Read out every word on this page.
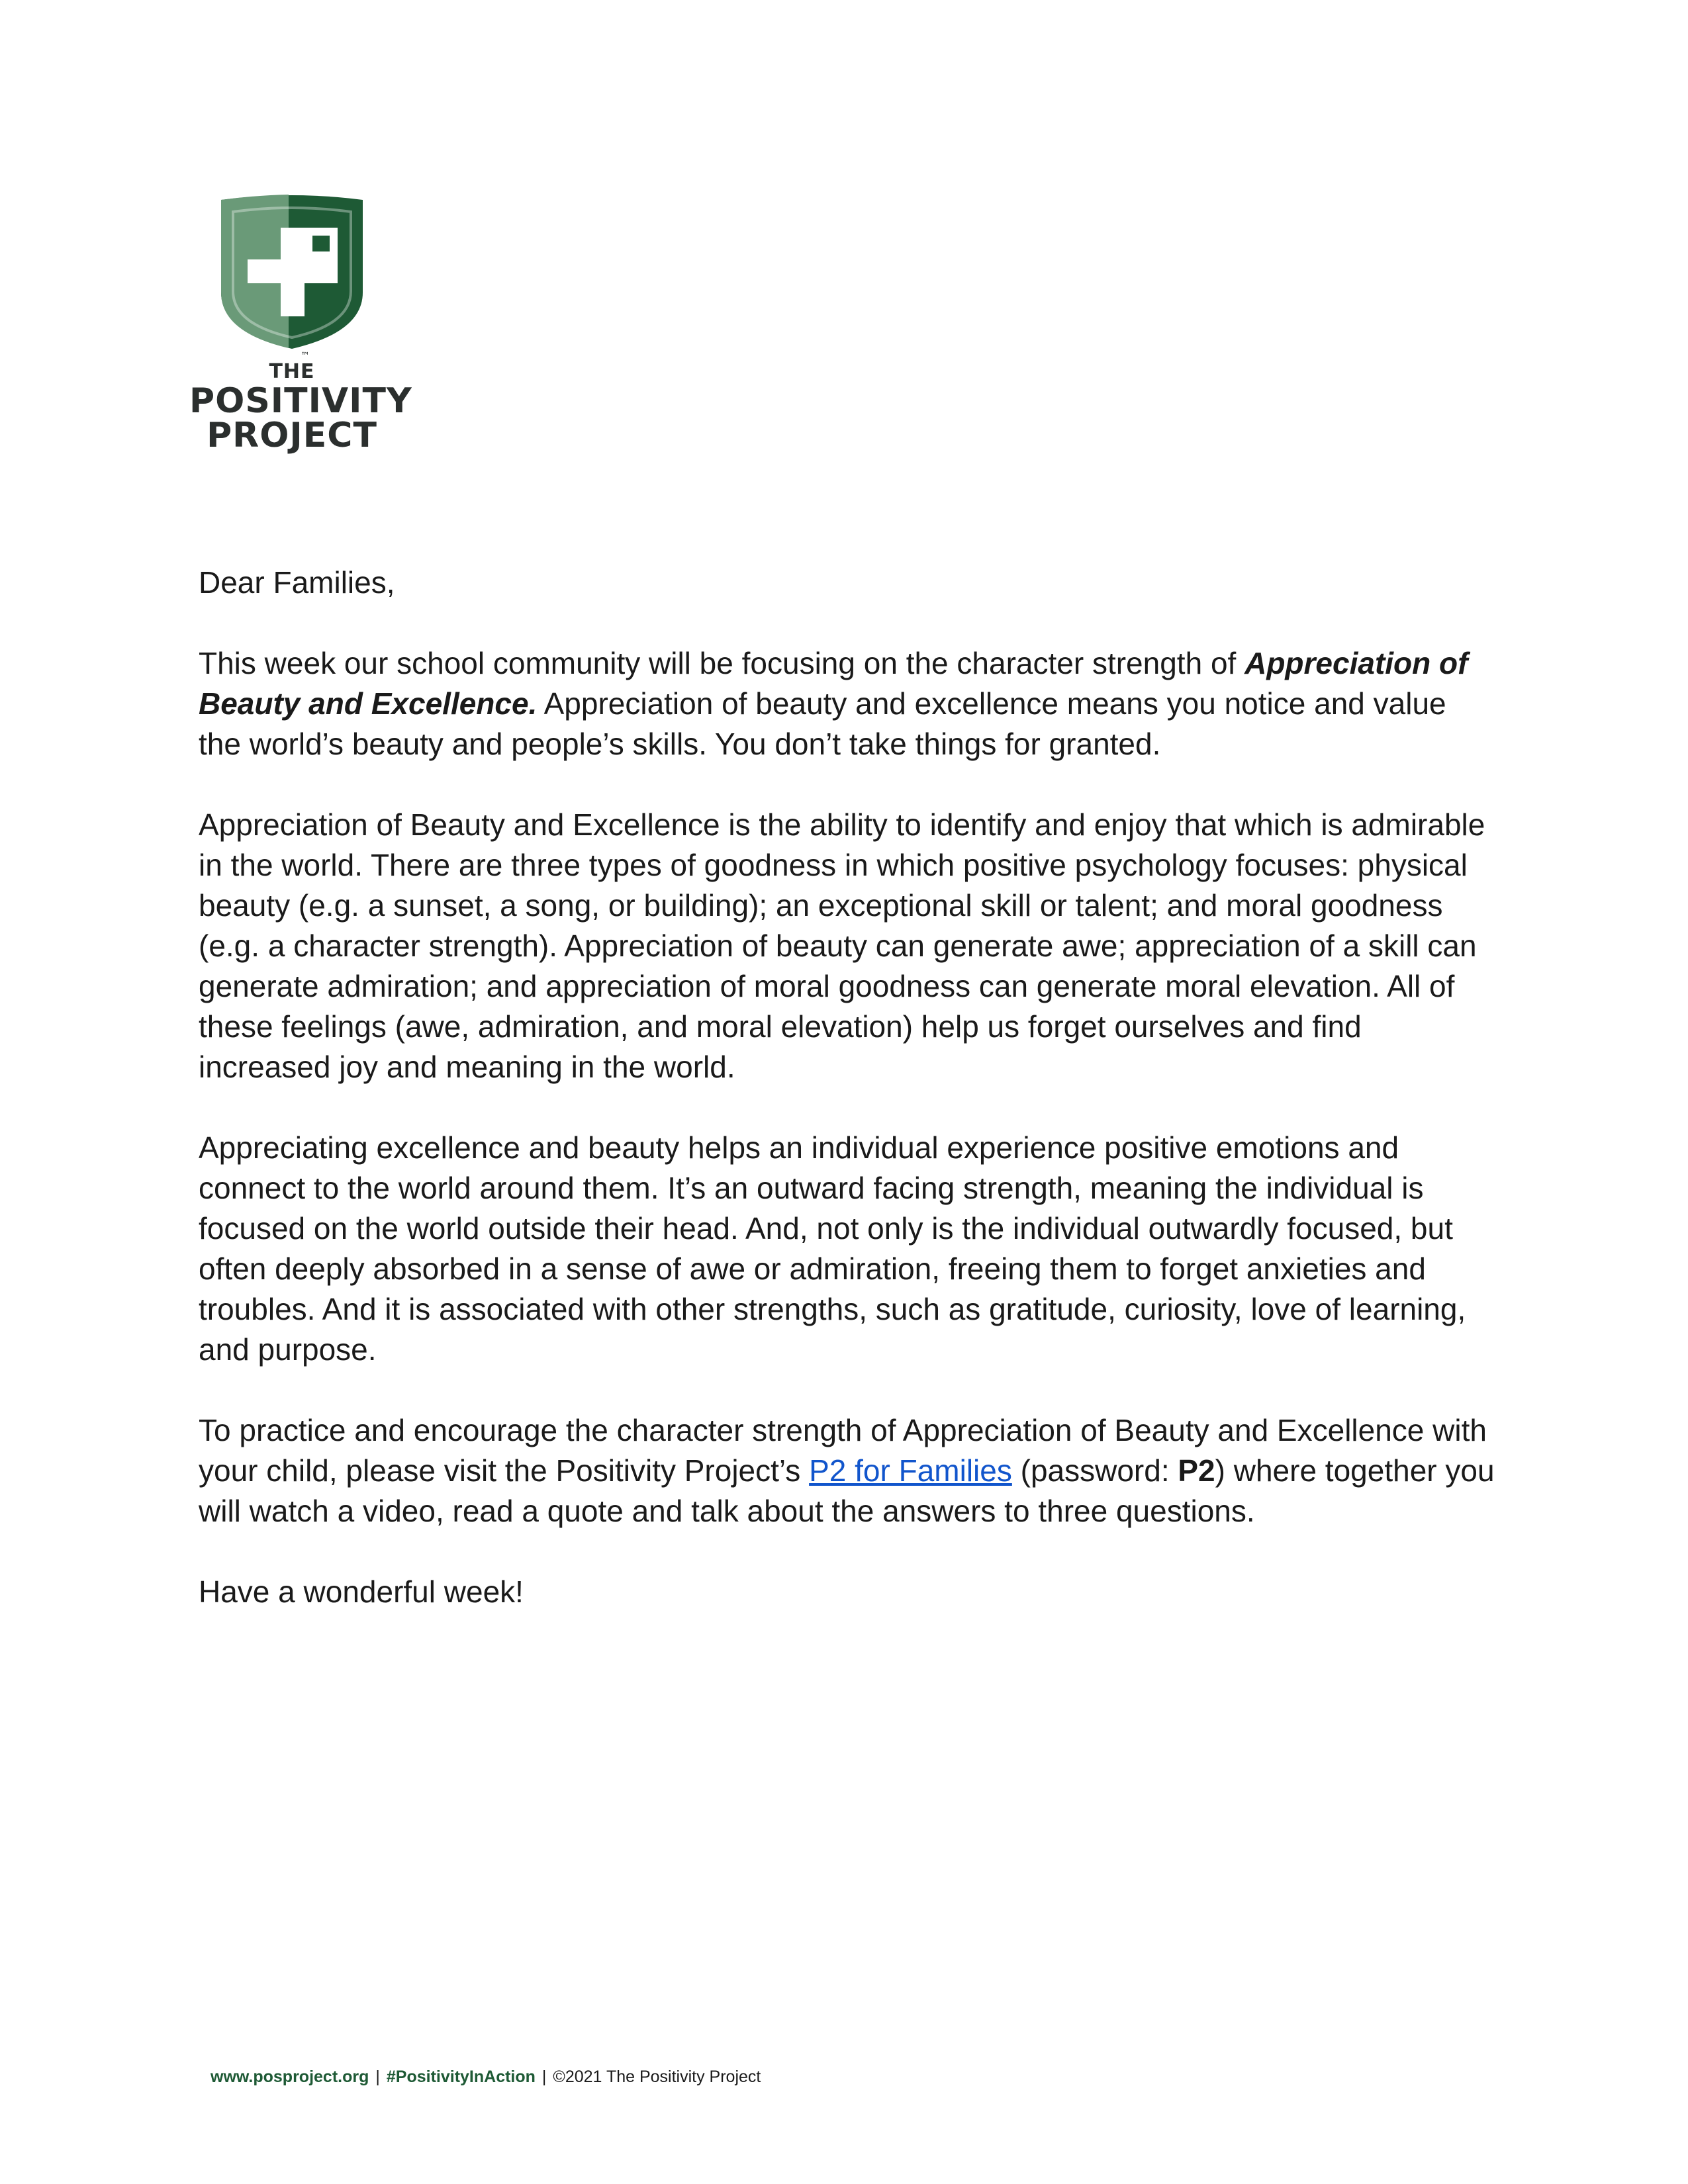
™
THE
POSITIVITY
PROJECT

Dear Families,

This week our school community will be focusing on the character strength of Appreciation of Beauty and Excellence. Appreciation of beauty and excellence means you notice and value the world’s beauty and people’s skills. You don’t take things for granted.

Appreciation of Beauty and Excellence is the ability to identify and enjoy that which is admirable in the world. There are three types of goodness in which positive psychology focuses: physical beauty (e.g. a sunset, a song, or building); an exceptional skill or talent; and moral goodness (e.g. a character strength). Appreciation of beauty can generate awe; appreciation of a skill can generate admiration; and appreciation of moral goodness can generate moral elevation. All of these feelings (awe, admiration, and moral elevation) help us forget ourselves and find increased joy and meaning in the world.

Appreciating excellence and beauty helps an individual experience positive emotions and connect to the world around them. It’s an outward facing strength, meaning the individual is focused on the world outside their head. And, not only is the individual outwardly focused, but often deeply absorbed in a sense of awe or admiration, freeing them to forget anxieties and troubles. And it is associated with other strengths, such as gratitude, curiosity, love of learning, and purpose.

To practice and encourage the character strength of Appreciation of Beauty and Excellence with your child, please visit the Positivity Project’s P2 for Families (password: P2) where together you will watch a video, read a quote and talk about the answers to three questions.

Have a wonderful week!

www.posproject.org | #PositivityInAction | ©2021 The Positivity Project
